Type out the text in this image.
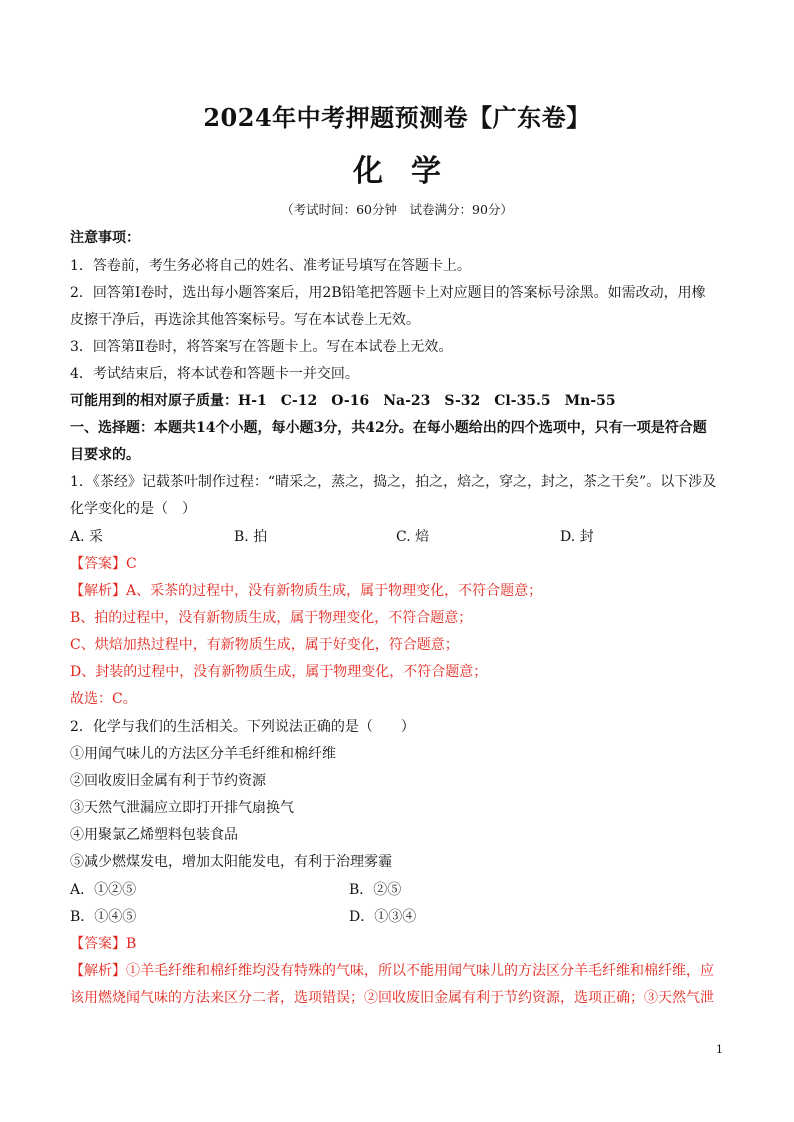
2024年中考押题预测卷【广东卷】
化学
（考试时间：60分钟　试卷满分：90分）
注意事项：
1．答卷前，考生务必将自己的姓名、准考证号填写在答题卡上。
2．回答第Ⅰ卷时，选出每小题答案后，用2B铅笔把答题卡上对应题目的答案标号涂黑。如需改动，用橡
皮擦干净后，再选涂其他答案标号。写在本试卷上无效。
3．回答第Ⅱ卷时，将答案写在答题卡上。写在本试卷上无效。
4．考试结束后，将本试卷和答题卡一并交回。
可能用到的相对原子质量：H-1　C-12　O-16　Na-23　S-32　Cl-35.5　Mn-55
一、选择题：本题共14个小题，每小题3分，共42分。在每小题给出的四个选项中，只有一项是符合题
目要求的。
1．《茶经》记载茶叶制作过程：“晴采之，蒸之，捣之，拍之，焙之，穿之，封之，茶之干矣”。以下涉及
化学变化的是（　）
A. 采	B. 拍	C. 焙	D. 封
【答案】C
【解析】A、采茶的过程中，没有新物质生成，属于物理变化，不符合题意；
B、拍的过程中，没有新物质生成，属于物理变化，不符合题意；
C、烘焙加热过程中，有新物质生成，属于好变化，符合题意；
D、封装的过程中，没有新物质生成，属于物理变化，不符合题意；
故选：C。
2．化学与我们的生活相关。下列说法正确的是（　　）
①用闻气味儿的方法区分羊毛纤维和棉纤维
②回收废旧金属有利于节约资源
③天然气泄漏应立即打开排气扇换气
④用聚氯乙烯塑料包装食品
⑤减少燃煤发电，增加太阳能发电，有利于治理雾霾
A．①②⑤	B．②⑤
B．①④⑤	D．①③④
【答案】B
【解析】①羊毛纤维和棉纤维均没有特殊的气味，所以不能用闻气味儿的方法区分羊毛纤维和棉纤维，应
该用燃烧闻气味的方法来区分二者，选项错误；②回收废旧金属有利于节约资源，选项正确；③天然气泄
1
